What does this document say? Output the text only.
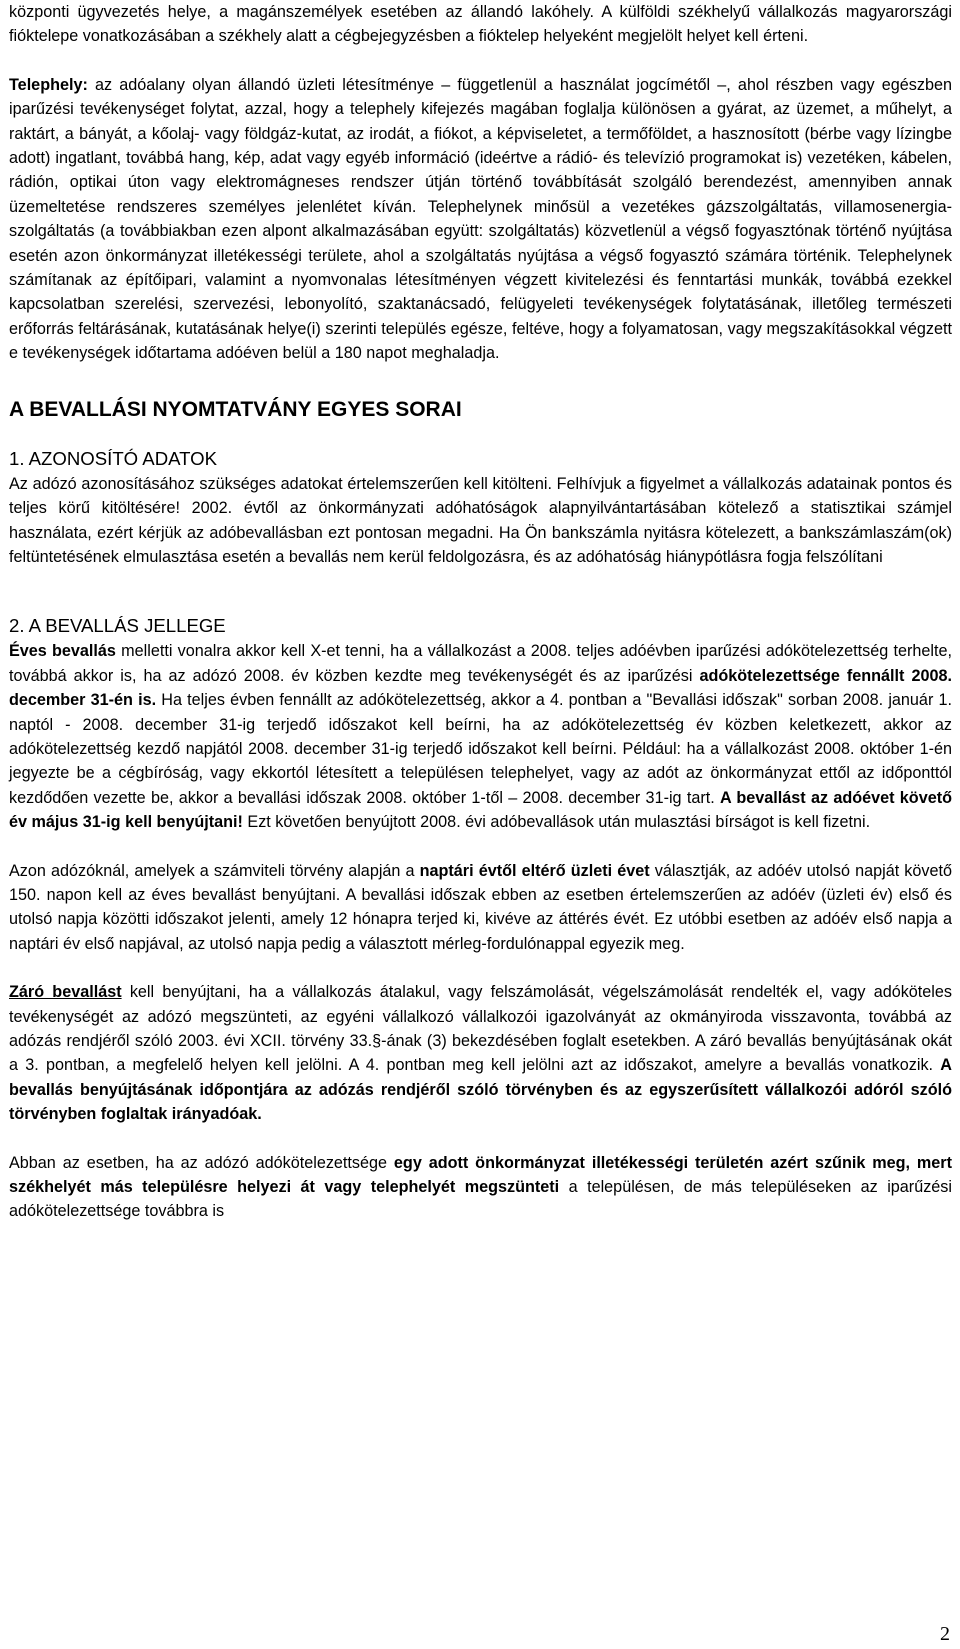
központi ügyvezetés helye, a magánszemélyek esetében az állandó lakóhely. A külföldi székhelyű vállalkozás magyarországi fióktelepe vonatkozásában a székhely alatt a cégbejegyzésben a fióktelep helyeként megjelölt helyet kell érteni.

Telephely: az adóalany olyan állandó üzleti létesítménye – függetlenül a használat jogcímétől –, ahol részben vagy egészben iparűzési tevékenységet folytat, azzal, hogy a telephely kifejezés magában foglalja különösen a gyárat, az üzemet, a műhelyt, a raktárt, a bányát, a kőolaj- vagy földgáz-kutat, az irodát, a fiókot, a képviseletet, a termőföldet, a hasznosított (bérbe vagy lízingbe adott) ingatlant, továbbá hang, kép, adat vagy egyéb információ (ideértve a rádió- és televízió programokat is) vezetéken, kábelen, rádión, optikai úton vagy elektromágneses rendszer útján történő továbbítását szolgáló berendezést, amennyiben annak üzemeltetése rendszeres személyes jelenlétet kíván. Telephelynek minősül a vezetékes gázszolgáltatás, villamosenergia-szolgáltatás (a továbbiakban ezen alpont alkalmazásában együtt: szolgáltatás) közvetlenül a végső fogyasztónak történő nyújtása esetén azon önkormányzat illetékességi területe, ahol a szolgáltatás nyújtása a végső fogyasztó számára történik. Telephelynek számítanak az építőipari, valamint a nyomvonalas létesítményen végzett kivitelezési és fenntartási munkák, továbbá ezekkel kapcsolatban szerelési, szervezési, lebonyolító, szaktanácsadó, felügyeleti tevékenységek folytatásának, illetőleg természeti erőforrás feltárásának, kutatásának helye(i) szerinti település egésze, feltéve, hogy a folyamatosan, vagy megszakításokkal végzett e tevékenységek időtartama adóéven belül a 180 napot meghaladja.

A BEVALLÁSI NYOMTATVÁNY EGYES SORAI
1. AZONOSÍTÓ ADATOK

Az adózó azonosításához szükséges adatokat értelemszerűen kell kitölteni. Felhívjuk a figyelmet a vállalkozás adatainak pontos és teljes körű kitöltésére! 2002. évtől az önkormányzati adóhatóságok alapnyilvántartásában kötelező a statisztikai számjel használata, ezért kérjük az adóbevallásban ezt pontosan megadni. Ha Ön bankszámla nyitásra kötelezett, a bankszámlaszám(ok) feltüntetésének elmulasztása esetén a bevallás nem kerül feldolgozásra, és az adóhatóság hiánypótlásra fogja felszólítani

2. A BEVALLÁS JELLEGE

Éves bevallás melletti vonalra akkor kell X-et tenni, ha a vállalkozást a 2008. teljes adóévben iparűzési adókötelezettség terhelte, továbbá akkor is, ha az adózó 2008. év közben kezdte meg tevékenységét és az iparűzési adókötelezettsége fennállt 2008. december 31-én is. Ha teljes évben fennállt az adókötelezettség, akkor a 4. pontban a "Bevallási időszak" sorban 2008. január 1. naptól - 2008. december 31-ig terjedő időszakot kell beírni, ha az adókötelezettség év közben keletkezett, akkor az adókötelezettség kezdő napjától 2008. december 31-ig terjedő időszakot kell beírni. Például: ha a vállalkozást 2008. október 1-én jegyezte be a cégbíróság, vagy ekkortól létesített a településen telephelyet, vagy az adót az önkormányzat ettől az időponttól kezdődően vezette be, akkor a bevallási időszak 2008. október 1-től – 2008. december 31-ig tart. A bevallást az adóévet követő év május 31-ig kell benyújtani! Ezt követően benyújtott 2008. évi adóbevallások után mulasztási bírságot is kell fizetni.

Azon adózóknál, amelyek a számviteli törvény alapján a naptári évtől eltérő üzleti évet választják, az adóév utolsó napját követő 150. napon kell az éves bevallást benyújtani. A bevallási időszak ebben az esetben értelemszerűen az adóév (üzleti év) első és utolsó napja közötti időszakot jelenti, amely 12 hónapra terjed ki, kivéve az áttérés évét. Ez utóbbi esetben az adóév első napja a naptári év első napjával, az utolsó napja pedig a választott mérleg-fordulónappal egyezik meg.

Záró bevallást kell benyújtani, ha a vállalkozás átalakul, vagy felszámolását, végelszámolását rendelték el, vagy adóköteles tevékenységét az adózó megszünteti, az egyéni vállalkozó vállalkozói igazolványát az okmányiroda visszavonta, továbbá az adózás rendjéről szóló 2003. évi XCII. törvény 33.§-ának (3) bekezdésében foglalt esetekben. A záró bevallás benyújtásának okát a 3. pontban, a megfelelő helyen kell jelölni. A 4. pontban meg kell jelölni azt az időszakot, amelyre a bevallás vonatkozik. A bevallás benyújtásának időpontjára az adózás rendjéről szóló törvényben és az egyszerűsített vállalkozói adóról szóló törvényben foglaltak irányadóak.

Abban az esetben, ha az adózó adókötelezettsége egy adott önkormányzat illetékességi területén azért szűnik meg, mert székhelyét más településre helyezi át vagy telephelyét megszünteti a településen, de más településeken az iparűzési adókötelezettsége továbbra is

2
